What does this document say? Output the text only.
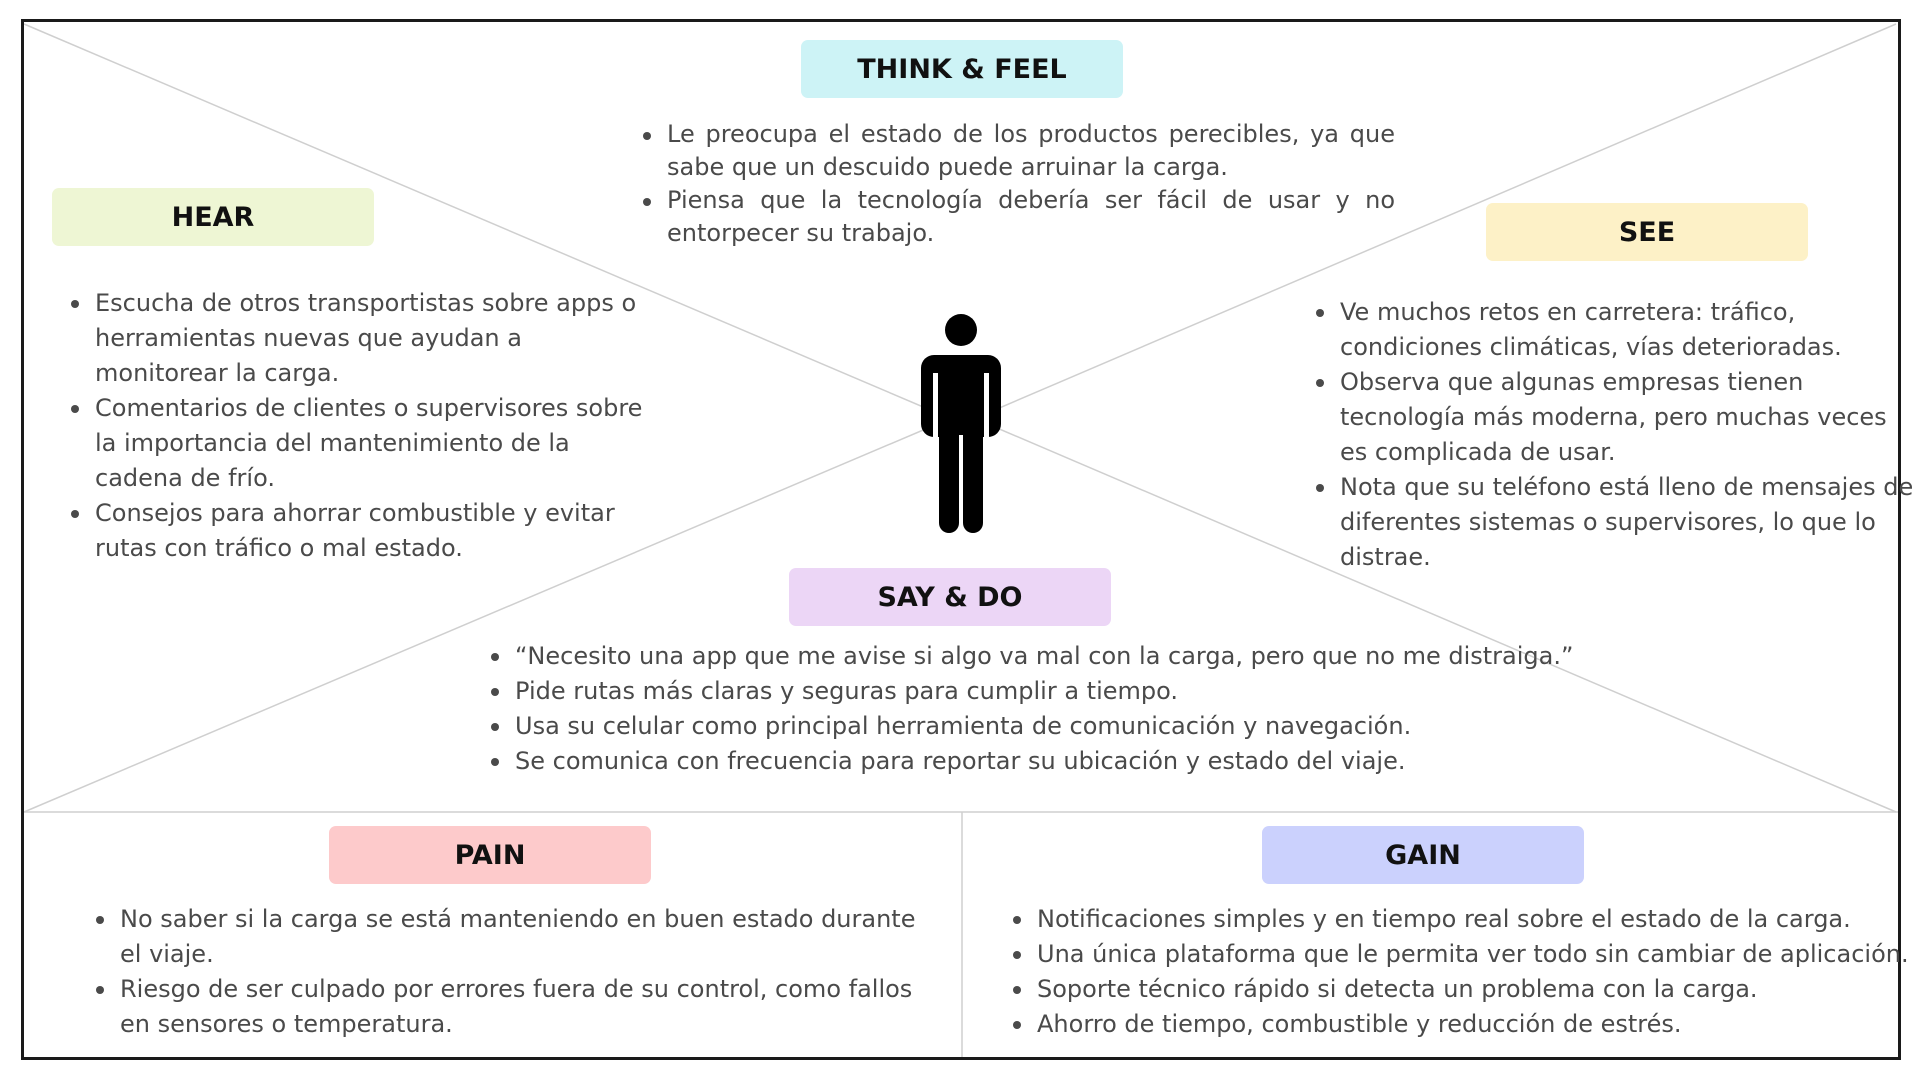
THINK & FEEL
Le preocupa el estado de los productos perecibles, ya que sabe que un descuido puede arruinar la carga.
Piensa que la tecnología debería ser fácil de usar y no entorpecer su trabajo.
HEAR
Escucha de otros transportistas sobre apps o herramientas nuevas que ayudan a monitorear la carga.
Comentarios de clientes o supervisores sobre la importancia del mantenimiento de la cadena de frío.
Consejos para ahorrar combustible y evitar rutas con tráfico o mal estado.
SEE
Ve muchos retos en carretera: tráfico, condiciones climáticas, vías deterioradas.
Observa que algunas empresas tienen tecnología más moderna, pero muchas veces es complicada de usar.
Nota que su teléfono está lleno de mensajes de diferentes sistemas o supervisores, lo que lo distrae.
SAY & DO
“Necesito una app que me avise si algo va mal con la carga, pero que no me distraiga.”
Pide rutas más claras y seguras para cumplir a tiempo.
Usa su celular como principal herramienta de comunicación y navegación.
Se comunica con frecuencia para reportar su ubicación y estado del viaje.
PAIN
No saber si la carga se está manteniendo en buen estado durante el viaje.
Riesgo de ser culpado por errores fuera de su control, como fallos en sensores o temperatura.
GAIN
Notificaciones simples y en tiempo real sobre el estado de la carga.
Una única plataforma que le permita ver todo sin cambiar de aplicación.
Soporte técnico rápido si detecta un problema con la carga.
Ahorro de tiempo, combustible y reducción de estrés.
